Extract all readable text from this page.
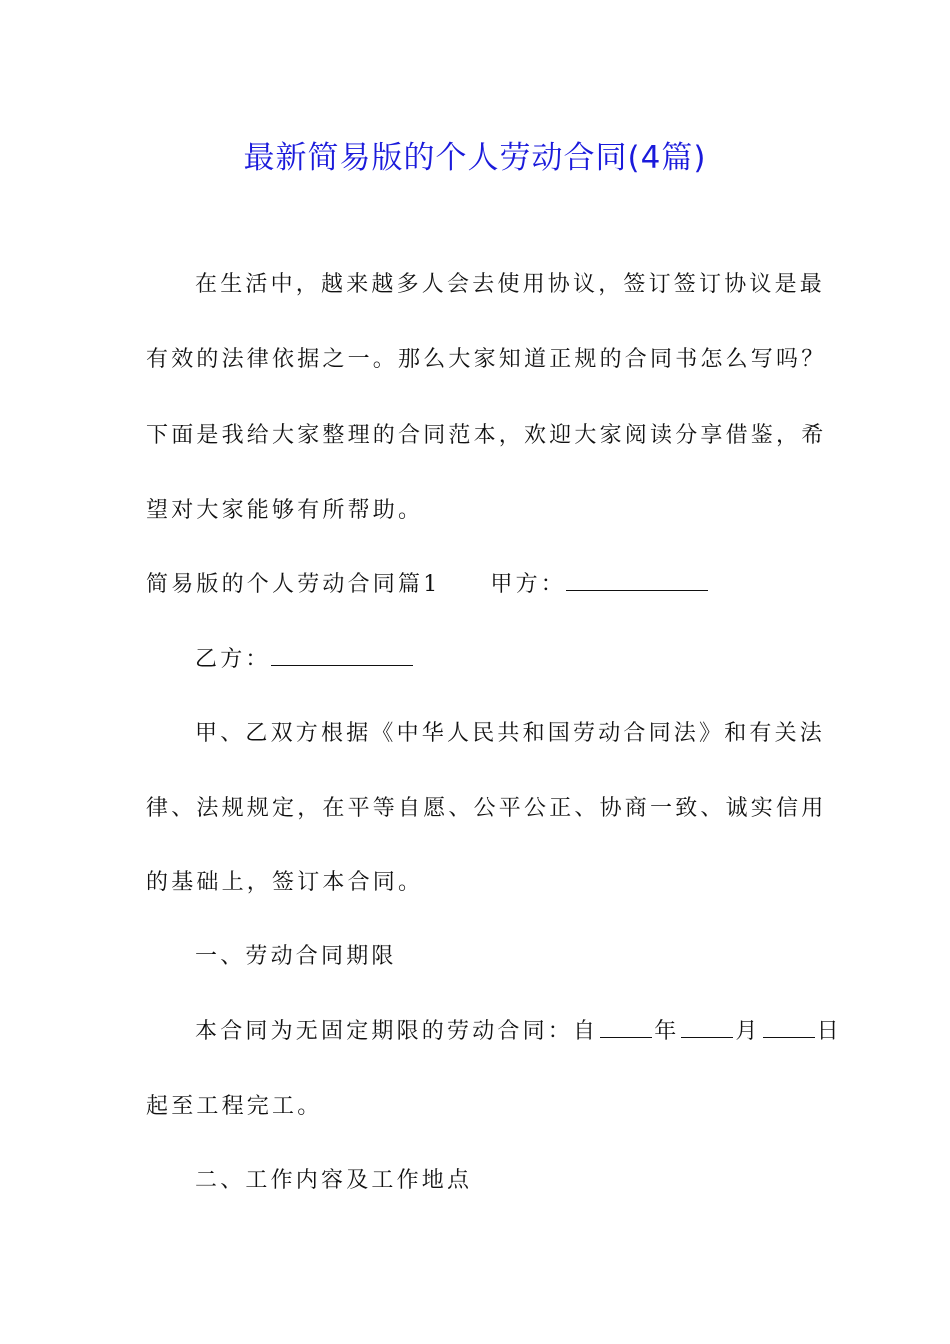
最新简易版的个人劳动合同(4篇)

在生活中，越来越多人会去使用协议，签订签订协议是最

有效的法律依据之一。那么大家知道正规的合同书怎么写吗？

下面是我给大家整理的合同范本，欢迎大家阅读分享借鉴，希

望对大家能够有所帮助。

简易版的个人劳动合同篇1 甲方：

乙方：

甲、乙双方根据《中华人民共和国劳动合同法》和有关法

律、法规规定，在平等自愿、公平公正、协商一致、诚实信用

的基础上，签订本合同。

一、劳动合同期限

本合同为无固定期限的劳动合同：自	年	月	日

起至工程完工。

二、工作内容及工作地点
